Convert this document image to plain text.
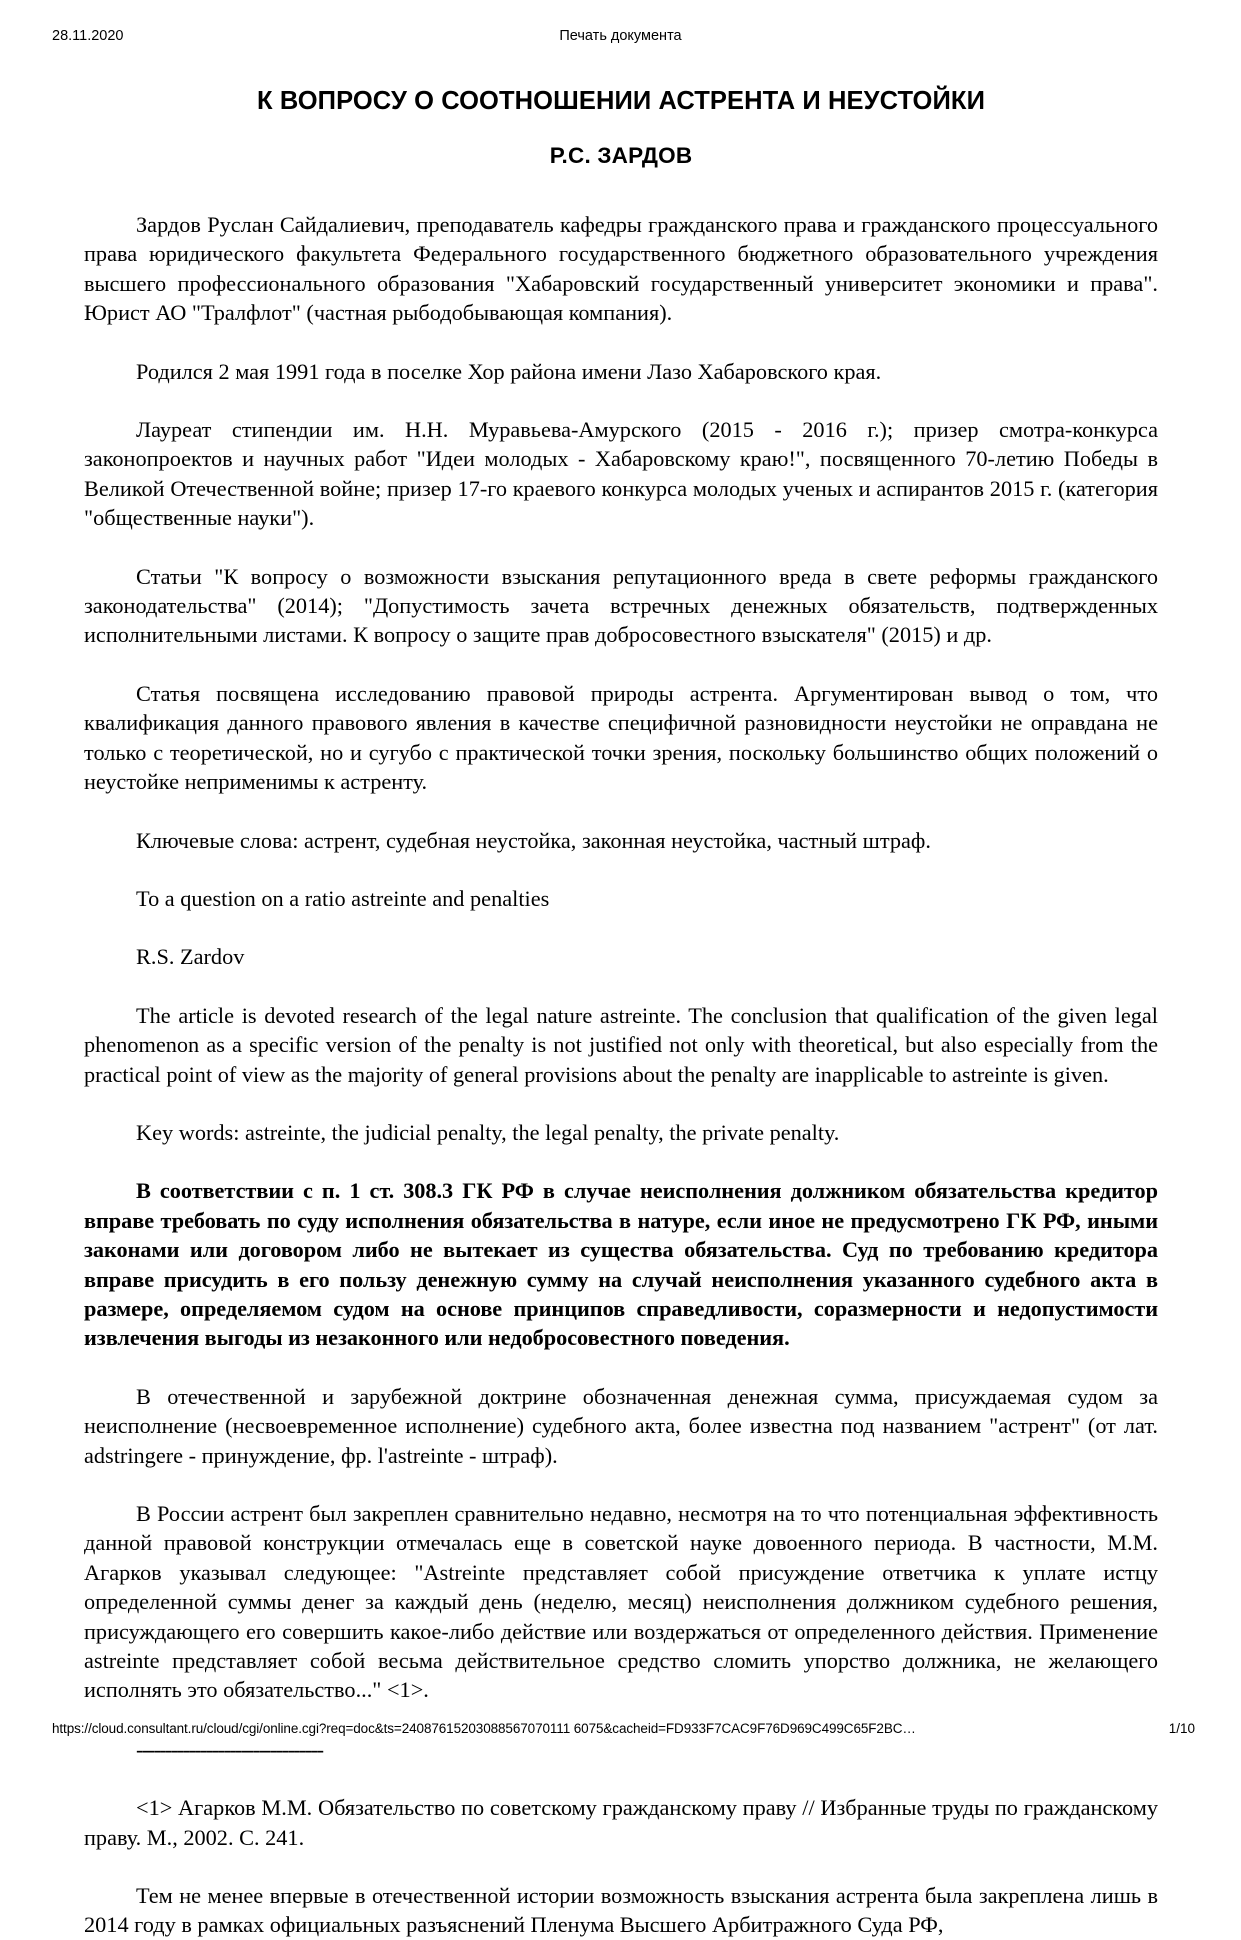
28.11.2020	Печать документа
К ВОПРОСУ О СООТНОШЕНИИ АСТРЕНТА И НЕУСТОЙКИ
Р.С. ЗАРДОВ

Зардов Руслан Сайдалиевич, преподаватель кафедры гражданского права и гражданского процессуального права юридического факультета Федерального государственного бюджетного образовательного учреждения высшего профессионального образования "Хабаровский государственный университет экономики и права". Юрист АО "Тралфлот" (частная рыбодобывающая компания).

Родился 2 мая 1991 года в поселке Хор района имени Лазо Хабаровского края.

Лауреат стипендии им. Н.Н. Муравьева-Амурского (2015 - 2016 г.); призер смотра-конкурса законопроектов и научных работ "Идеи молодых - Хабаровскому краю!", посвященного 70-летию Победы в Великой Отечественной войне; призер 17-го краевого конкурса молодых ученых и аспирантов 2015 г. (категория "общественные науки").

Статьи "К вопросу о возможности взыскания репутационного вреда в свете реформы гражданского законодательства" (2014); "Допустимость зачета встречных денежных обязательств, подтвержденных исполнительными листами. К вопросу о защите прав добросовестного взыскателя" (2015) и др.

Статья посвящена исследованию правовой природы астрента. Аргументирован вывод о том, что квалификация данного правового явления в качестве специфичной разновидности неустойки не оправдана не только с теоретической, но и сугубо с практической точки зрения, поскольку большинство общих положений о неустойке неприменимы к астренту.

Ключевые слова: астрент, судебная неустойка, законная неустойка, частный штраф.

To a question on a ratio astreinte and penalties

R.S. Zardov

The article is devoted research of the legal nature astreinte. The conclusion that qualification of the given legal phenomenon as a specific version of the penalty is not justified not only with theoretical, but also especially from the practical point of view as the majority of general provisions about the penalty are inapplicable to astreinte is given.

Key words: astreinte, the judicial penalty, the legal penalty, the private penalty.

В соответствии с п. 1 ст. 308.3 ГК РФ в случае неисполнения должником обязательства кредитор вправе требовать по суду исполнения обязательства в натуре, если иное не предусмотрено ГК РФ, иными законами или договором либо не вытекает из существа обязательства. Суд по требованию кредитора вправе присудить в его пользу денежную сумму на случай неисполнения указанного судебного акта в размере, определяемом судом на основе принципов справедливости, соразмерности и недопустимости извлечения выгоды из незаконного или недобросовестного поведения.

В отечественной и зарубежной доктрине обозначенная денежная сумма, присуждаемая судом за неисполнение (несвоевременное исполнение) судебного акта, более известна под названием "астрент" (от лат. adstringere - принуждение, фр. l'astreinte - штраф).

В России астрент был закреплен сравнительно недавно, несмотря на то что потенциальная эффективность данной правовой конструкции отмечалась еще в советской науке довоенного периода. В частности, М.М. Агарков указывал следующее: "Astreinte представляет собой присуждение ответчика к уплате истцу определенной суммы денег за каждый день (неделю, месяц) неисполнения должником судебного решения, присуждающего его совершить какое-либо действие или воздержаться от определенного действия. Применение astreinte представляет собой весьма действительное средство сломить упорство должника, не желающего исполнять это обязательство..." <1>.

--------------------------------

<1> Агарков М.М. Обязательство по советскому гражданскому праву // Избранные труды по гражданскому праву. М., 2002. С. 241.

Тем не менее впервые в отечественной истории возможность взыскания астрента была закреплена лишь в 2014 году в рамках официальных разъяснений Пленума Высшего Арбитражного Суда РФ,

https://cloud.consultant.ru/cloud/cgi/online.cgi?req=doc&ts=24087615203088567070111 6075&cacheid=FD933F7CAC9F76D969C499C65F2BC…	1/10
